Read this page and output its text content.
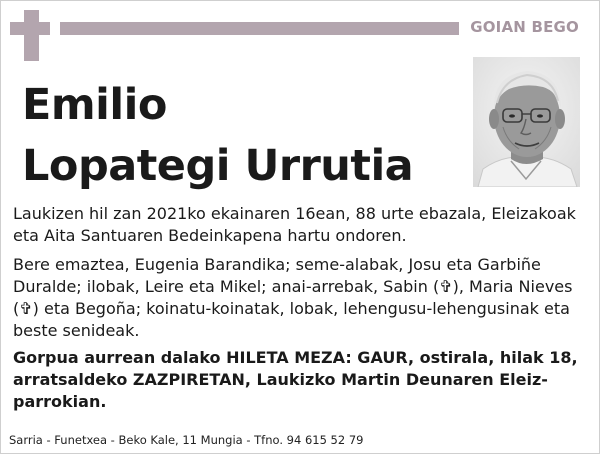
GOIAN BEGO
Emilio
Lopategi Urrutia

Laukizen hil zan 2021ko ekainaren 16ean, 88 urte ebazala, Eleizakoak eta Aita Santuaren Bedeinkapena hartu ondoren.

Bere emaztea, Eugenia Barandika; seme-alabak, Josu eta Garbiñe Duralde; ilobak, Leire eta Mikel; anai-arrebak, Sabin (✞), Maria Nieves (✞) eta Begoña; koinatu-koinatak, lobak, lehengusu-lehengusinak eta beste senideak.

Gorpua aurrean dalako HILETA MEZA: GAUR, ostirala, hilak 18, arratsaldeko ZAZPIRETAN, Laukizko Martin Deunaren Eleiz-parrokian.

Sarria - Funetxea - Beko Kale, 11 Mungia - Tfno. 94 615 52 79
